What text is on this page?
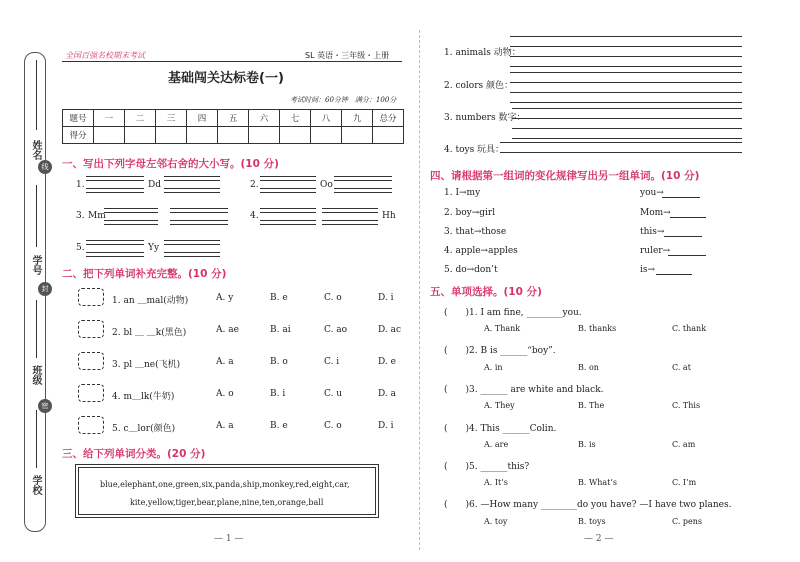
姓名
学号
班级
学校
线
封
密
全国百强名校期末考试	SL 英语・三年级・上册
基础闯关达标卷(一)
考试时间：60分钟　满分：100分
题号	一	二	三	四	五	六	七	八	九	总分
得分										
一、写出下列字母左邻右舍的大小写。(10 分)
1.	Dd	2.	Oo
3. Mm	4.	Hh
5.	Yy
二、把下列单词补充完整。(10 分)
1. an ＿mal(动物)	A. y	B. e	C. o	D. i
2. bl ＿ ＿k(黑色)	A. ae	B. ai	C. ao	D. ac
3. pl ＿ne(飞机)	A. a	B. o	C. i	D. e
4. m＿lk(牛奶)	A. o	B. i	C. u	D. a
5. c＿lor(颜色)	A. a	B. e	C. o	D. i
三、给下列单词分类。(20 分)
blue,elephant,one,green,six,panda,ship,monkey,red,eight,car,
kite,yellow,tiger,bear,plane,nine,ten,orange,ball
— 1 —
1. animals 动物：
2. colors 颜色：
3. numbers 数字：
4. toys 玩具：
四、请根据第一组词的变化规律写出另一组单词。(10 分)
1. I→my	you→
2. boy→girl	Mom→
3. that→those	this→
4. apple→apples	ruler→
5. do→don’t	is→
五、单项选择。(10 分)
(　　)1. I am fine, ________you.
A. Thank	B. thanks	C. thank
(　　)2. B is ______“boy”.
A. in	B. on	C. at
(　　)3. ______ are white and black.
A. They	B. The	C. This
(　　)4. This ______Colin.
A. are	B. is	C. am
(　　)5. ______this?
A. It’s	B. What’s	C. I’m
(　　)6. —How many ________do you have? —I have two planes.
A. toy	B. toys	C. pens
— 2 —
